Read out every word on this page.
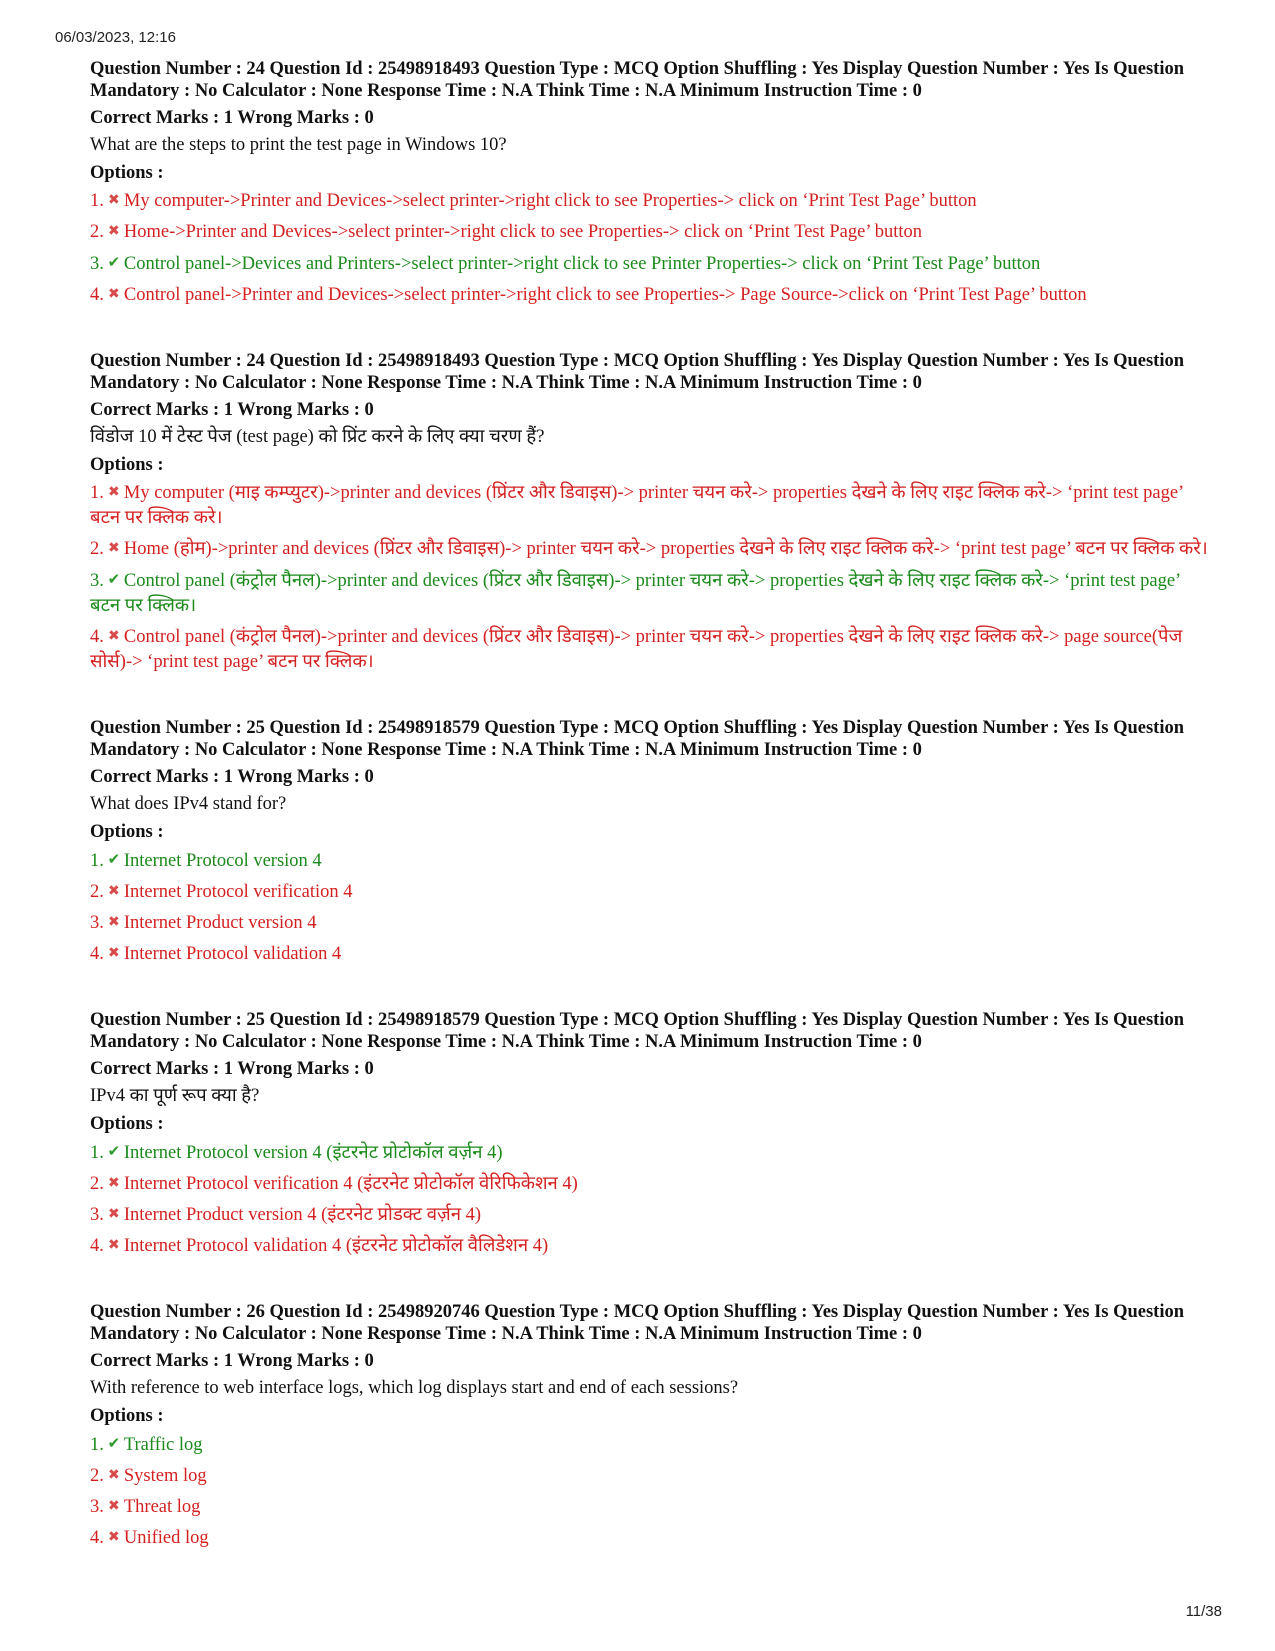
06/03/2023, 12:16
Question Number : 24 Question Id : 25498918493 Question Type : MCQ Option Shuffling : Yes Display Question Number : Yes Is Question Mandatory : No Calculator : None Response Time : N.A Think Time : N.A Minimum Instruction Time : 0
Correct Marks : 1 Wrong Marks : 0
What are the steps to print the test page in Windows 10?
Options :
1. ✖ My computer->Printer and Devices->select printer->right click to see Properties-> click on ‘Print Test Page’ button
2. ✖ Home->Printer and Devices->select printer->right click to see Properties-> click on ‘Print Test Page’ button
3. ✔ Control panel->Devices and Printers->select printer->right click to see Printer Properties-> click on ‘Print Test Page’ button
4. ✖ Control panel->Printer and Devices->select printer->right click to see Properties-> Page Source->click on ‘Print Test Page’ button
Question Number : 24 Question Id : 25498918493 Question Type : MCQ Option Shuffling : Yes Display Question Number : Yes Is Question Mandatory : No Calculator : None Response Time : N.A Think Time : N.A Minimum Instruction Time : 0
Correct Marks : 1 Wrong Marks : 0
विंडोज 10 में टेस्ट पेज (test page) को प्रिंट करने के लिए क्या चरण हैं?
Options :
1. ✖ My computer (माइ कम्प्युटर)->printer and devices (प्रिंटर और डिवाइस)-> printer चयन करे-> properties देखने के लिए राइट क्लिक करे-> ‘print test page’ बटन पर क्लिक करे।
2. ✖ Home (होम)->printer and devices (प्रिंटर और डिवाइस)-> printer चयन करे-> properties देखने के लिए राइट क्लिक करे-> ‘print test page’ बटन पर क्लिक करे।
3. ✔ Control panel (कंट्रोल पैनल)->printer and devices (प्रिंटर और डिवाइस)-> printer चयन करे-> properties देखने के लिए राइट क्लिक करे-> ‘print test page’ बटन पर क्लिक।
4. ✖ Control panel (कंट्रोल पैनल)->printer and devices (प्रिंटर और डिवाइस)-> printer चयन करे-> properties देखने के लिए राइट क्लिक करे-> page source(पेज सोर्स)-> ‘print test page’ बटन पर क्लिक।
Question Number : 25 Question Id : 25498918579 Question Type : MCQ Option Shuffling : Yes Display Question Number : Yes Is Question Mandatory : No Calculator : None Response Time : N.A Think Time : N.A Minimum Instruction Time : 0
Correct Marks : 1 Wrong Marks : 0
What does IPv4 stand for?
Options :
1. ✔ Internet Protocol version 4
2. ✖ Internet Protocol verification 4
3. ✖ Internet Product version 4
4. ✖ Internet Protocol validation 4
Question Number : 25 Question Id : 25498918579 Question Type : MCQ Option Shuffling : Yes Display Question Number : Yes Is Question Mandatory : No Calculator : None Response Time : N.A Think Time : N.A Minimum Instruction Time : 0
Correct Marks : 1 Wrong Marks : 0
IPv4 का पूर्ण रूप क्या है?
Options :
1. ✔ Internet Protocol version 4 (इंटरनेट प्रोटोकॉल वर्ज़न 4)
2. ✖ Internet Protocol verification 4 (इंटरनेट प्रोटोकॉल वेरिफिकेशन 4)
3. ✖ Internet Product version 4 (इंटरनेट प्रोडक्ट वर्ज़न 4)
4. ✖ Internet Protocol validation 4 (इंटरनेट प्रोटोकॉल वैलिडेशन 4)
Question Number : 26 Question Id : 25498920746 Question Type : MCQ Option Shuffling : Yes Display Question Number : Yes Is Question Mandatory : No Calculator : None Response Time : N.A Think Time : N.A Minimum Instruction Time : 0
Correct Marks : 1 Wrong Marks : 0
With reference to web interface logs, which log displays start and end of each sessions?
Options :
1. ✔ Traffic log
2. ✖ System log
3. ✖ Threat log
4. ✖ Unified log
11/38
